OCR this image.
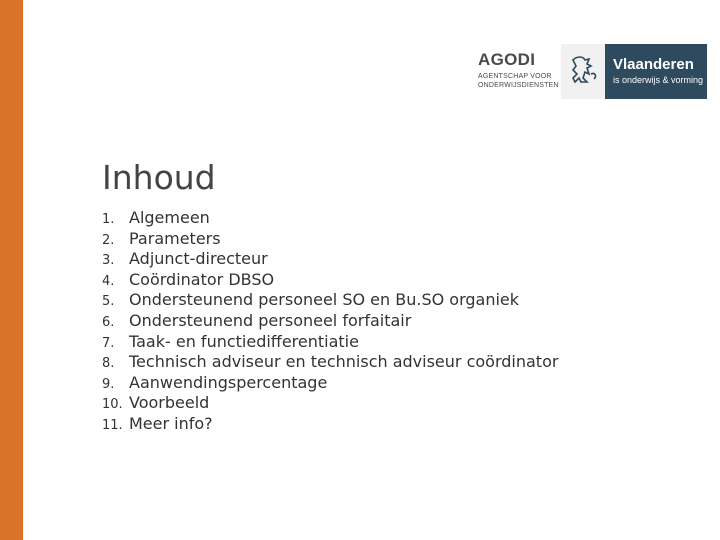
AGODI
AGENTSCHAP VOOR
ONDERWIJSDIENSTEN
Vlaanderen
is onderwijs & vorming
Inhoud
1. Algemeen
2. Parameters
3. Adjunct-directeur
4. Coördinator DBSO
5. Ondersteunend personeel SO en Bu.SO organiek
6. Ondersteunend personeel forfaitair
7. Taak- en functiedifferentiatie
8. Technisch adviseur en technisch adviseur coördinator
9. Aanwendingspercentage
10. Voorbeeld
11. Meer info?
